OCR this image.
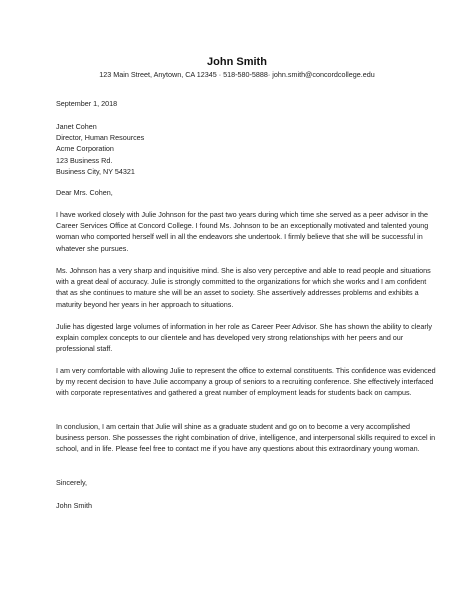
John Smith
123 Main Street, Anytown, CA 12345 · 518-580-5888· john.smith@concordcollege.edu
September 1, 2018
Janet Cohen
Director, Human Resources
Acme Corporation
123 Business Rd.
Business City, NY 54321
Dear Mrs. Cohen,
I have worked closely with Julie Johnson for the past two years during which time she served as a peer advisor in the Career Services Office at Concord College. I found Ms. Johnson to be an exceptionally motivated and talented young woman who comported herself well in all the endeavors she undertook. I firmly believe that she will be successful in whatever she pursues.
Ms. Johnson has a very sharp and inquisitive mind. She is also very perceptive and able to read people and situations with a great deal of accuracy. Julie is strongly committed to the organizations for which she works and I am confident that as she continues to mature she will be an asset to society. She assertively addresses problems and exhibits a maturity beyond her years in her approach to situations.
Julie has digested large volumes of information in her role as Career Peer Advisor. She has shown the ability to clearly explain complex concepts to our clientele and has developed very strong relationships with her peers and our professional staff.
I am very comfortable with allowing Julie to represent the office to external constituents. This confidence was evidenced by my recent decision to have Julie accompany a group of seniors to a recruiting conference. She effectively interfaced with corporate representatives and gathered a great number of employment leads for students back on campus.
In conclusion, I am certain that Julie will shine as a graduate student and go on to become a very accomplished business person. She possesses the right combination of drive, intelligence, and interpersonal skills required to excel in school, and in life. Please feel free to contact me if you have any questions about this extraordinary young woman.
Sincerely,
John Smith
